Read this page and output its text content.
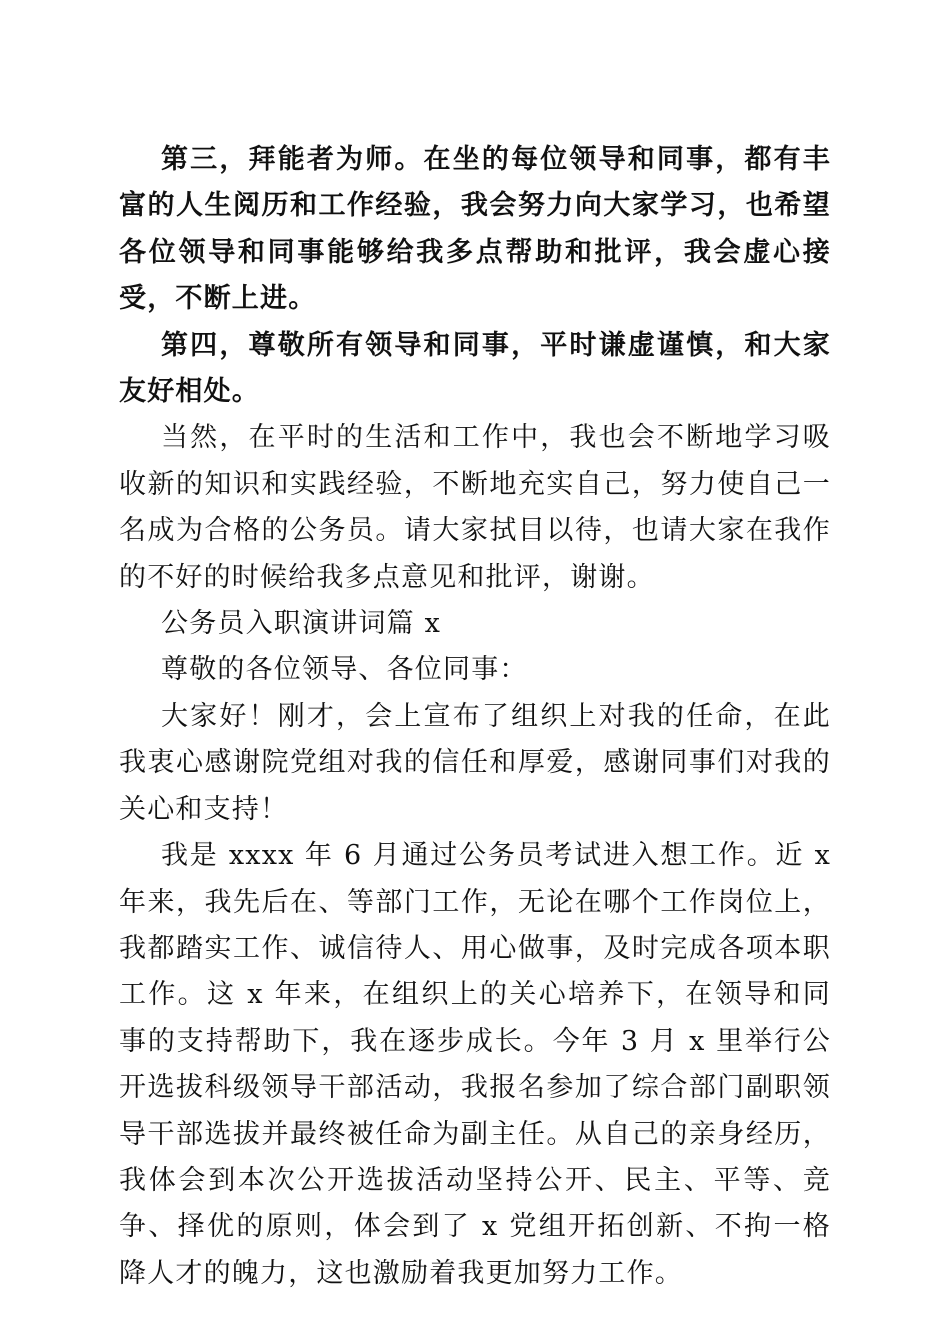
第三，拜能者为师。在坐的每位领导和同事，都有丰富的人生阅历和工作经验，我会努力向大家学习，也希望各位领导和同事能够给我多点帮助和批评，我会虚心接受，不断上进。

第四，尊敬所有领导和同事，平时谦虚谨慎，和大家友好相处。

当然，在平时的生活和工作中，我也会不断地学习吸收新的知识和实践经验，不断地充实自己，努力使自己一名成为合格的公务员。请大家拭目以待，也请大家在我作的不好的时候给我多点意见和批评，谢谢。

公务员入职演讲词篇 x

尊敬的各位领导、各位同事：

大家好！刚才，会上宣布了组织上对我的任命，在此我衷心感谢院党组对我的信任和厚爱，感谢同事们对我的关心和支持！

我是 xxxx 年 6 月通过公务员考试进入想工作。近 x 年来，我先后在、等部门工作，无论在哪个工作岗位上，我都踏实工作、诚信待人、用心做事，及时完成各项本职工作。这 x 年来，在组织上的关心培养下，在领导和同事的支持帮助下，我在逐步成长。今年 3 月 x 里举行公开选拔科级领导干部活动，我报名参加了综合部门副职领导干部选拔并最终被任命为副主任。从自己的亲身经历，我体会到本次公开选拔活动坚持公开、民主、平等、竞争、择优的原则，体会到了 x 党组开拓创新、不拘一格降人才的魄力，这也激励着我更加努力工作。
